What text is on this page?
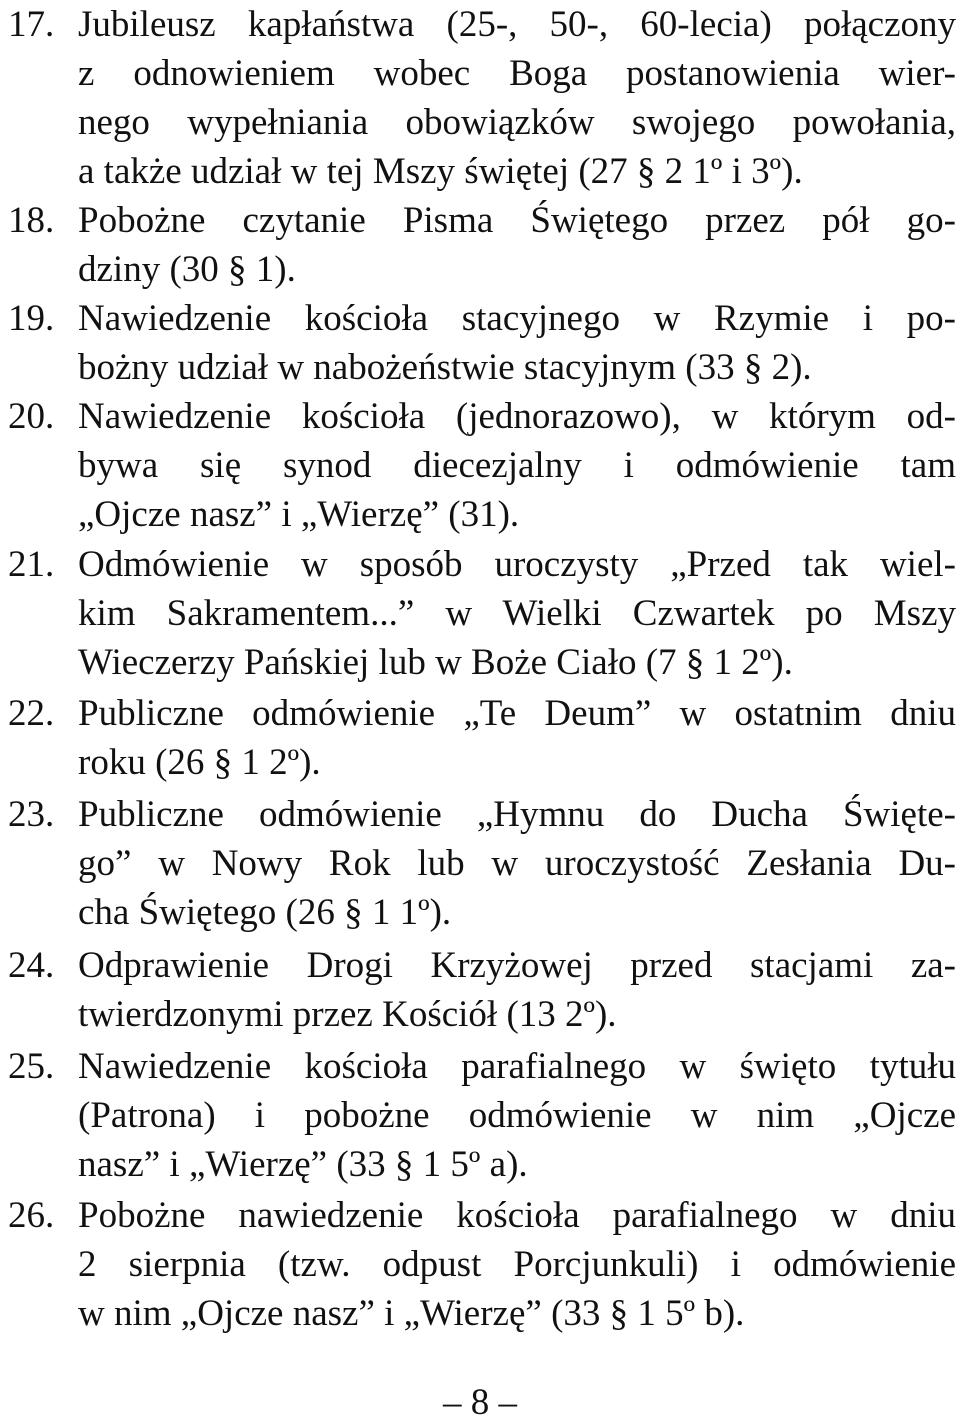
17. Jubileusz kapłaństwa (25-, 50-, 60-lecia) połączony
z odnowieniem wobec Boga postanowienia wier-
nego wypełniania obowiązków swojego powołania,
a także udział w tej Mszy świętej (27 § 2 1º i 3º).
18. Pobożne czytanie Pisma Świętego przez pół go-
dziny (30 § 1).
19. Nawiedzenie kościoła stacyjnego w Rzymie i po-
bożny udział w nabożeństwie stacyjnym (33 § 2).
20. Nawiedzenie kościoła (jednorazowo), w którym od-
bywa się synod diecezjalny i odmówienie tam
„Ojcze nasz” i „Wierzę” (31).
21. Odmówienie w sposób uroczysty „Przed tak wiel-
kim Sakramentem...” w Wielki Czwartek po Mszy
Wieczerzy Pańskiej lub w Boże Ciało (7 § 1 2º).
22. Publiczne odmówienie „Te Deum” w ostatnim dniu
roku (26 § 1 2º).
23. Publiczne odmówienie „Hymnu do Ducha Święte-
go” w Nowy Rok lub w uroczystość Zesłania Du-
cha Świętego (26 § 1 1º).
24. Odprawienie Drogi Krzyżowej przed stacjami za-
twierdzonymi przez Kościół (13 2º).
25. Nawiedzenie kościoła parafialnego w święto tytułu
(Patrona) i pobożne odmówienie w nim „Ojcze
nasz” i „Wierzę” (33 § 1 5º a).
26. Pobożne nawiedzenie kościoła parafialnego w dniu
2 sierpnia (tzw. odpust Porcjunkuli) i odmówienie
w nim „Ojcze nasz” i „Wierzę” (33 § 1 5º b).
– 8 –
